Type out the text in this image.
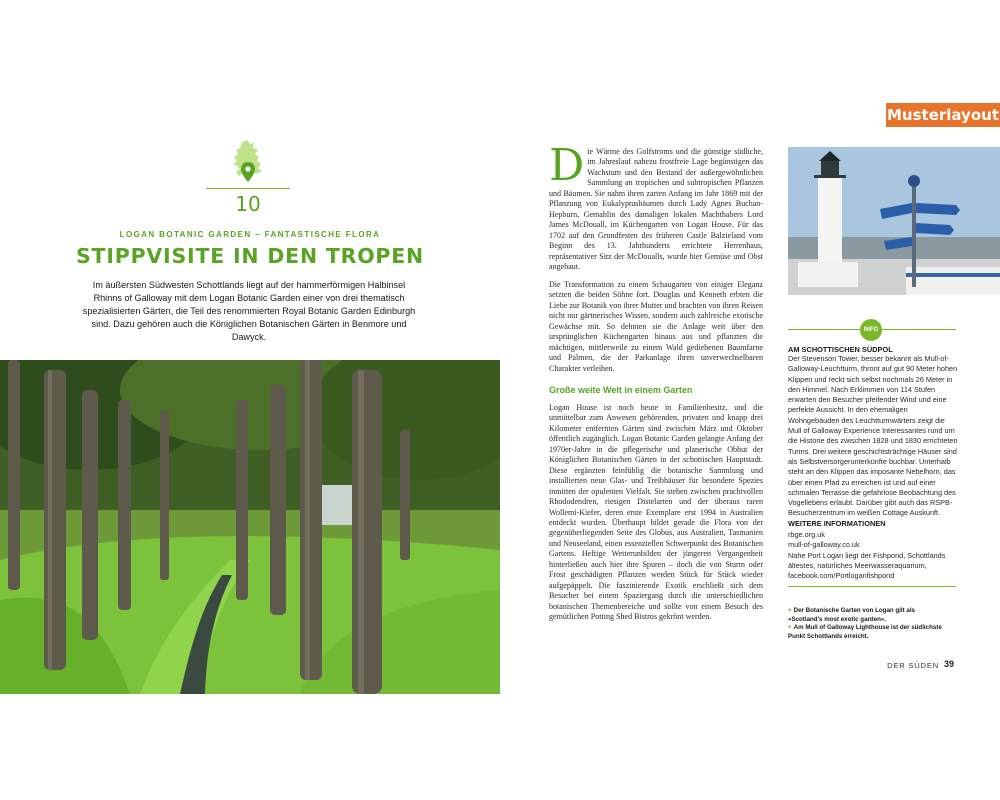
10
LOGAN BOTANIC GARDEN – FANTASTISCHE FLORA
STIPPVISITE IN DEN TROPEN
Im äußersten Südwesten Schottlands liegt auf der hammerförmigen Halbinsel Rhinns of Galloway mit dem Logan Botanic Garden einer von drei thematisch spezialisierten Gärten, die Teil des renommierten Royal Botanic Garden Edinburgh sind. Dazu gehören auch die Königlichen Botanischen Gärten in Benmore und Dawyck.
Die Wärme des Golfstroms und die günstige südliche, im Jahreslauf nahezu frostfreie Lage begünstigen das Wachstum und den Bestand der außergewöhnlichen Sammlung an tropischen und subtropischen Pflanzen und Bäumen. Sie nahm ihren zarten Anfang im Jahr 1869 mit der Pflanzung von Eukalyptusbäumen durch Lady Agnes Buchan-Hepburn, Gemahlin des damaligen lokalen Machthabers Lord James McDouall, im Küchengarten von Logan House. Für das 1702 auf den Grundfesten des früheren Castle Balzieland vom Beginn des 13. Jahrhunderts errichtete Herrenhaus, repräsentativer Sitz der McDoualls, wurde hier Gemüse und Obst angebaut.
Die Transformation zu einem Schaugarten von einiger Eleganz setzten die beiden Söhne fort. Douglas und Kenneth erbten die Liebe zur Botanik von ihrer Mutter und brachten von ihren Reisen nicht nur gärtnerisches Wissen, sondern auch zahlreiche exotische Gewächse mit. So dehnten sie die Anlage weit über den ursprünglichen Küchengarten hinaus aus und pflanzten die mächtigen, mittlerweile zu einem Wald gediehenen Baumfarne und Palmen, die der Parkanlage ihren unverwechselbaren Charakter verleihen.
Große weite Welt in einem Garten
Logan House ist noch heute in Familienbesitz, und die unmittelbar zum Anwesen gehörenden, privaten und knapp drei Kilometer entfernten Gärten sind zwischen März und Oktober öffentlich zugänglich. Logan Botanic Garden gelangte Anfang der 1970er-Jahre in die pflegerische und planerische Obhut der Königlichen Botanischen Gärten in der schottischen Hauptstadt. Diese ergänzten feinfühlig die botanische Sammlung und installierten neue Glas- und Treibhäuser für besondere Spezies inmitten der opulenten Vielfalt. Sie stehen zwischen prachtvollen Rhododendren, riesigen Distelarten und der überaus raren Wollemi-Kiefer, deren erste Exemplare erst 1994 in Australien entdeckt wurden. Überhaupt bildet gerade die Flora von der gegenüberliegenden Seite des Globus, aus Australien, Tasmanien und Neuseeland, einen essenziellen Schwerpunkt des Botanischen Gartens. Heftige Wetterunbilden der jüngeren Vergangenheit hinterließen auch hier ihre Spuren – doch die von Sturm oder Frost geschädigten Pflanzen werden Stück für Stück wieder aufgepäppelt. Die faszinierende Exotik erschließt sich dem Besucher bei einem Spaziergang durch die unterschiedlichen botanischen Themenbereiche und sollte von einem Besuch des gemütlichen Potting Shed Bistros gekrönt werden.
Musterlayout
INFO
AM SCHOTTISCHEN SÜDPOL
Der Stevenson Tower, besser bekannt als Mull-of-Galloway-Leuchtturm, thront auf gut 90 Meter hohen Klippen und reckt sich selbst nochmals 26 Meter in den Himmel. Nach Erklimmen von 114 Stufen erwarten den Besucher pfeifender Wind und eine perfekte Aussicht. In den ehemaligen Wohngebäuden des Leuchtturmwärters zeigt die Mull of Galloway Experience Interessantes rund um die Historie des zwischen 1828 und 1830 errichteten Turms. Drei weitere geschichtsträchtige Häuser sind als Selbstversorgerunterkünfte buchbar. Unterhalb steht an den Klippen das imposante Nebelhorn, das über einen Pfad zu erreichen ist und auf einer schmalen Terrasse die gefahrlose Beobachtung des Vogellebens erlaubt. Darüber gibt auch das RSPB-Besucherzentrum im weißen Cottage Auskunft.
WEITERE INFORMATIONEN
rbge.org.uk
mull-of-galloway.co.uk
Nahe Port Logan liegt der Fishpond, Schottlands
ältestes, natürliches Meerwasseraquarium,
facebook.com/Portloganfishpond
+ Der Botanische Garten von Logan gilt als »Scotland's most exotic garden«.
+ Am Mull of Galloway Lighthouse ist der südlichste Punkt Schottlands erreicht.
DER SÜDEN 39
